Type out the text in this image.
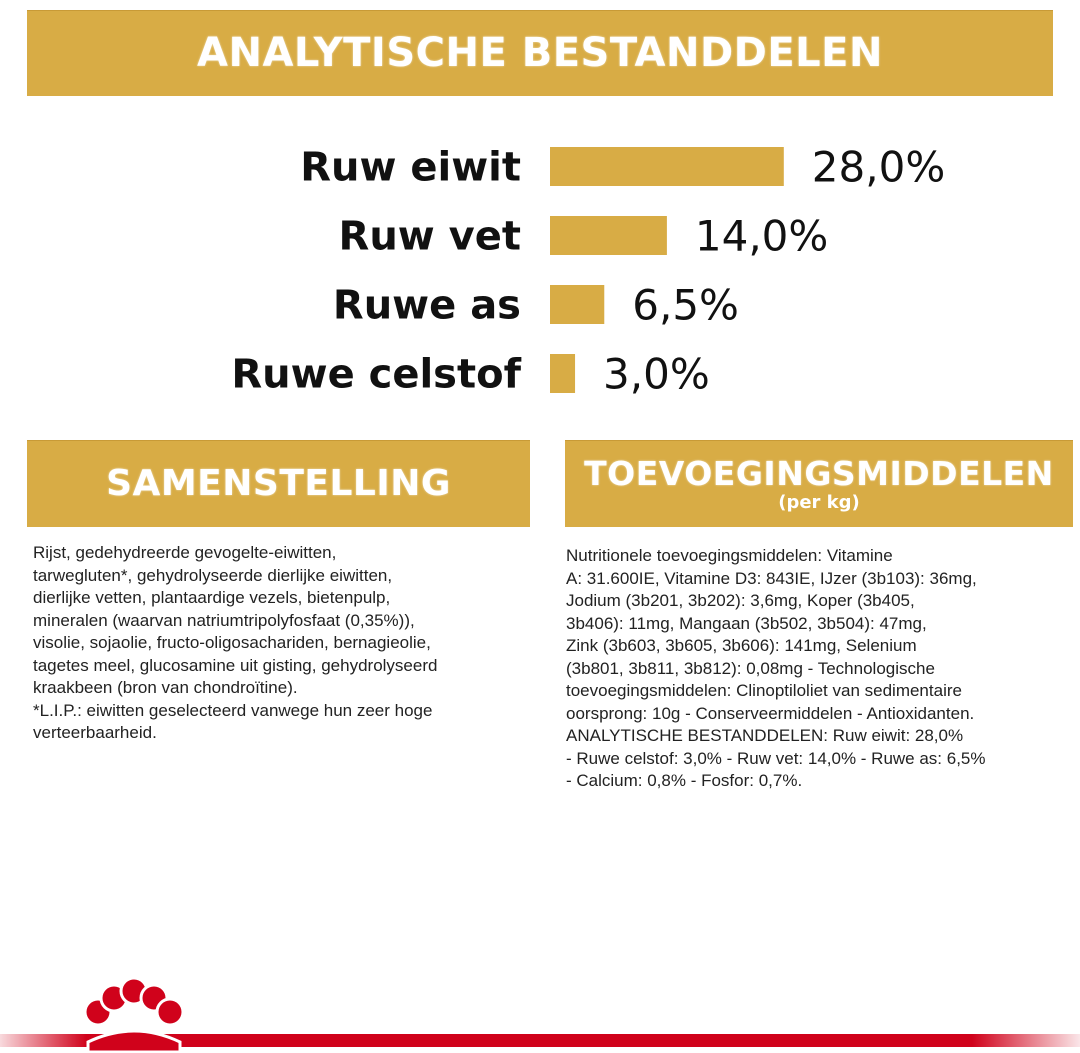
ANALYTISCHE BESTANDDELEN
Ruw eiwit	28,0%
Ruw vet	14,0%
Ruwe as	6,5%
Ruwe celstof 3,0%
SAMENSTELLING

Rijst, gedehydreerde gevogelte-eiwitten,
tarwegluten*, gehydrolyseerde dierlijke eiwitten,
dierlijke vetten, plantaardige vezels, bietenpulp,
mineralen (waarvan natriumtripolyfosfaat (0,35%)),
visolie, sojaolie, fructo-oligosachariden, bernagieolie,
tagetes meel, glucosamine uit gisting, gehydrolyseerd
kraakbeen (bron van chondroïtine).
*L.I.P.: eiwitten geselecteerd vanwege hun zeer hoge
verteerbaarheid.

TOEVOEGINGSMIDDELEN
(per kg)

Nutritionele toevoegingsmiddelen: Vitamine
A: 31.600IE, Vitamine D3: 843IE, IJzer (3b103): 36mg,
Jodium (3b201, 3b202): 3,6mg, Koper (3b405,
3b406): 11mg, Mangaan (3b502, 3b504): 47mg,
Zink (3b603, 3b605, 3b606): 141mg, Selenium
(3b801, 3b811, 3b812): 0,08mg - Technologische
toevoegingsmiddelen: Clinoptiloliet van sedimentaire
oorsprong: 10g - Conserveermiddelen - Antioxidanten.
ANALYTISCHE BESTANDDELEN: Ruw eiwit: 28,0%
- Ruwe celstof: 3,0% - Ruw vet: 14,0% - Ruwe as: 6,5%
- Calcium: 0,8% - Fosfor: 0,7%.
